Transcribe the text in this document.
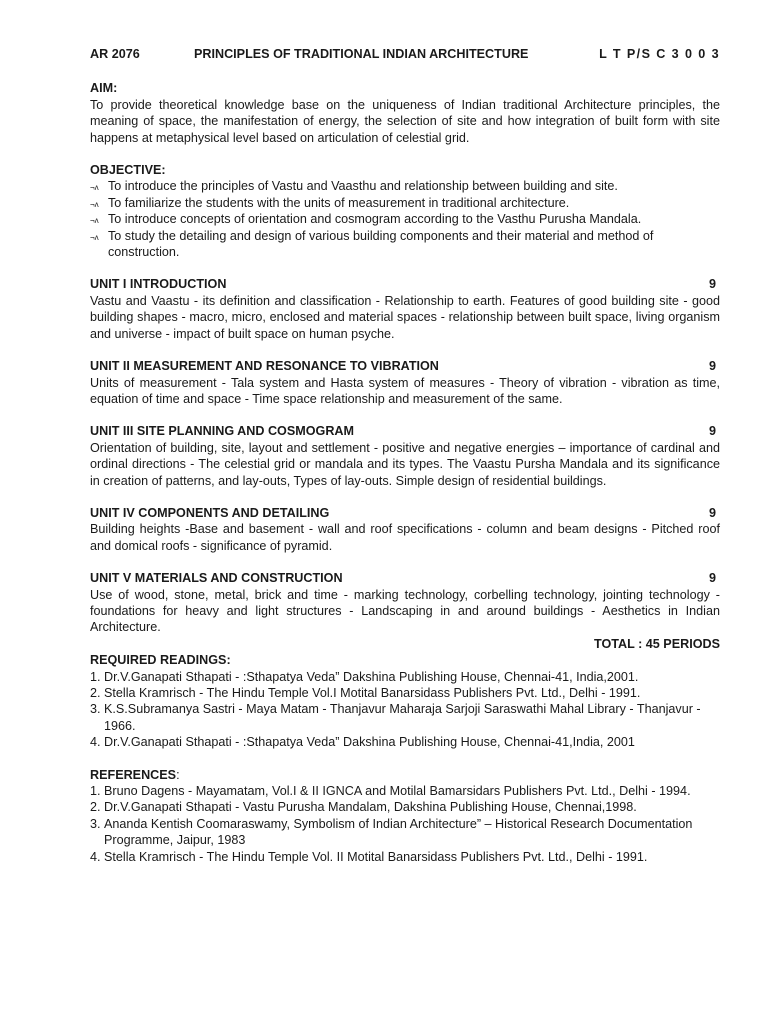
AR 2076	PRINCIPLES OF TRADITIONAL INDIAN ARCHITECTURE	L T P/S C 3 0 0 3
AIM:
To provide theoretical knowledge base on the uniqueness of Indian traditional Architecture principles, the meaning of space, the manifestation of energy, the selection of site and how integration of built form with site happens at metaphysical level based on articulation of celestial grid.
OBJECTIVE:
¬ᴧ To introduce the principles of Vastu and Vaasthu and relationship between building and site.
¬ᴧ To familiarize the students with the units of measurement in traditional architecture.
¬ᴧ To introduce concepts of orientation and cosmogram according to the Vasthu Purusha Mandala.
¬ᴧ To study the detailing and design of various building components and their material and method of construction.
UNIT I INTRODUCTION	9
Vastu and Vaastu - its definition and classification - Relationship to earth. Features of good building site - good building shapes - macro, micro, enclosed and material spaces - relationship between built space, living organism and universe - impact of built space on human psyche.
UNIT II MEASUREMENT AND RESONANCE TO VIBRATION	9
Units of measurement - Tala system and Hasta system of measures - Theory of vibration - vibration as time, equation of time and space - Time space relationship and measurement of the same.
UNIT III SITE PLANNING AND COSMOGRAM	9
Orientation of building, site, layout and settlement - positive and negative energies – importance of cardinal and ordinal directions - The celestial grid or mandala and its types. The Vaastu Pursha Mandala and its significance in creation of patterns, and lay-outs, Types of lay-outs. Simple design of residential buildings.
UNIT IV COMPONENTS AND DETAILING	9
Building heights -Base and basement - wall and roof specifications - column and beam designs - Pitched roof and domical roofs - significance of pyramid.
UNIT V MATERIALS AND CONSTRUCTION	9
Use of wood, stone, metal, brick and time - marking technology, corbelling technology, jointing technology - foundations for heavy and light structures - Landscaping in and around buildings - Aesthetics in Indian Architecture.
TOTAL : 45 PERIODS
REQUIRED READINGS:
1. Dr.V.Ganapati Sthapati - :Sthapatya Veda” Dakshina Publishing House, Chennai-41, India,2001.
2. Stella Kramrisch - The Hindu Temple Vol.I Motital Banarsidass Publishers Pvt. Ltd., Delhi - 1991.
3. K.S.Subramanya Sastri - Maya Matam - Thanjavur Maharaja Sarjoji Saraswathi Mahal Library - Thanjavur - 1966.
4. Dr.V.Ganapati Sthapati - :Sthapatya Veda” Dakshina Publishing House, Chennai-41,India, 2001
REFERENCES:
1. Bruno Dagens - Mayamatam, Vol.I & II IGNCA and Motilal Bamarsidars Publishers Pvt. Ltd., Delhi - 1994.
2. Dr.V.Ganapati Sthapati - Vastu Purusha Mandalam, Dakshina Publishing House, Chennai,1998.
3. Ananda Kentish Coomaraswamy, Symbolism of Indian Architecture” – Historical Research Documentation Programme, Jaipur, 1983
4. Stella Kramrisch - The Hindu Temple Vol. II Motital Banarsidass Publishers Pvt. Ltd., Delhi - 1991.
